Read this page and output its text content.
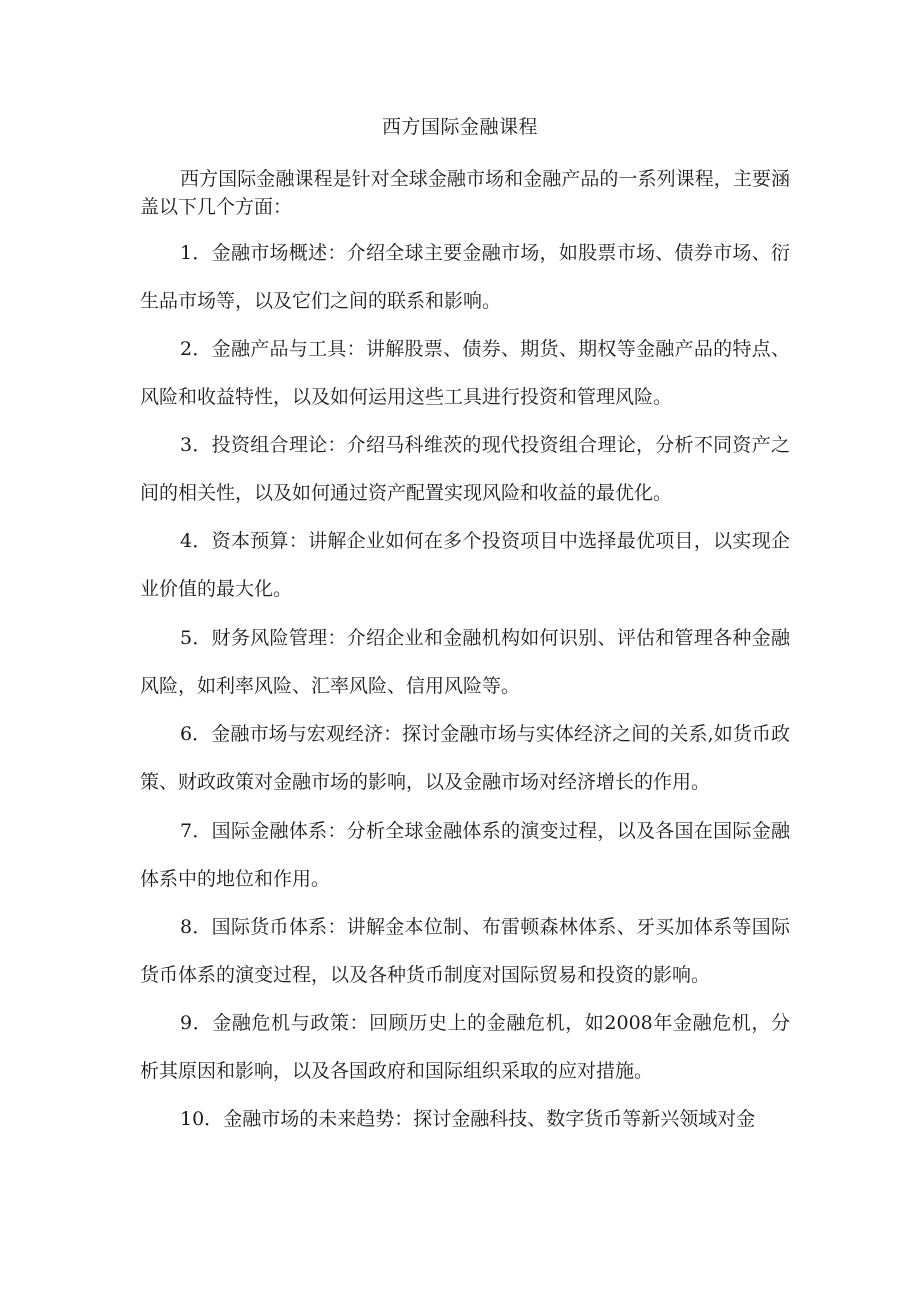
西方国际金融课程

西方国际金融课程是针对全球金融市场和金融产品的一系列课程，主要涵盖以下几个方面：

1．金融市场概述：介绍全球主要金融市场，如股票市场、债券市场、衍生品市场等，以及它们之间的联系和影响。

2．金融产品与工具：讲解股票、债券、期货、期权等金融产品的特点、风险和收益特性，以及如何运用这些工具进行投资和管理风险。

3．投资组合理论：介绍马科维茨的现代投资组合理论，分析不同资产之间的相关性，以及如何通过资产配置实现风险和收益的最优化。

4．资本预算：讲解企业如何在多个投资项目中选择最优项目，以实现企业价值的最大化。

5．财务风险管理：介绍企业和金融机构如何识别、评估和管理各种金融风险，如利率风险、汇率风险、信用风险等。

6．金融市场与宏观经济：探讨金融市场与实体经济之间的关系,如货币政策、财政政策对金融市场的影响，以及金融市场对经济增长的作用。

7．国际金融体系：分析全球金融体系的演变过程，以及各国在国际金融体系中的地位和作用。

8．国际货币体系：讲解金本位制、布雷顿森林体系、牙买加体系等国际货币体系的演变过程，以及各种货币制度对国际贸易和投资的影响。

9．金融危机与政策：回顾历史上的金融危机，如2008年金融危机，分析其原因和影响，以及各国政府和国际组织采取的应对措施。

10．金融市场的未来趋势：探讨金融科技、数字货币等新兴领域对金
